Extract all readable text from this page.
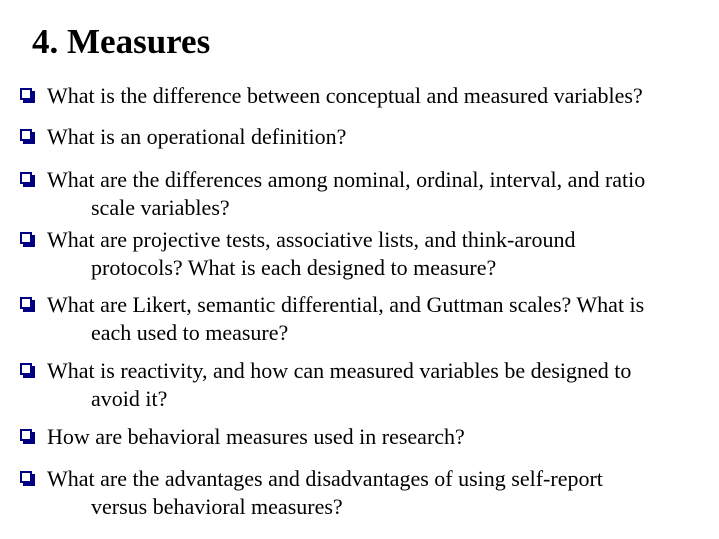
4. Measures
What is the difference between conceptual and measured variables?
What is an operational definition?
What are the differences among nominal, ordinal, interval, and ratio
scale variables?
What are projective tests, associative lists, and think-around
protocols? What is each designed to measure?
What are Likert, semantic differential, and Guttman scales? What is
each used to measure?
What is reactivity, and how can measured variables be designed to
avoid it?
How are behavioral measures used in research?
What are the advantages and disadvantages of using self-report
versus behavioral measures?
